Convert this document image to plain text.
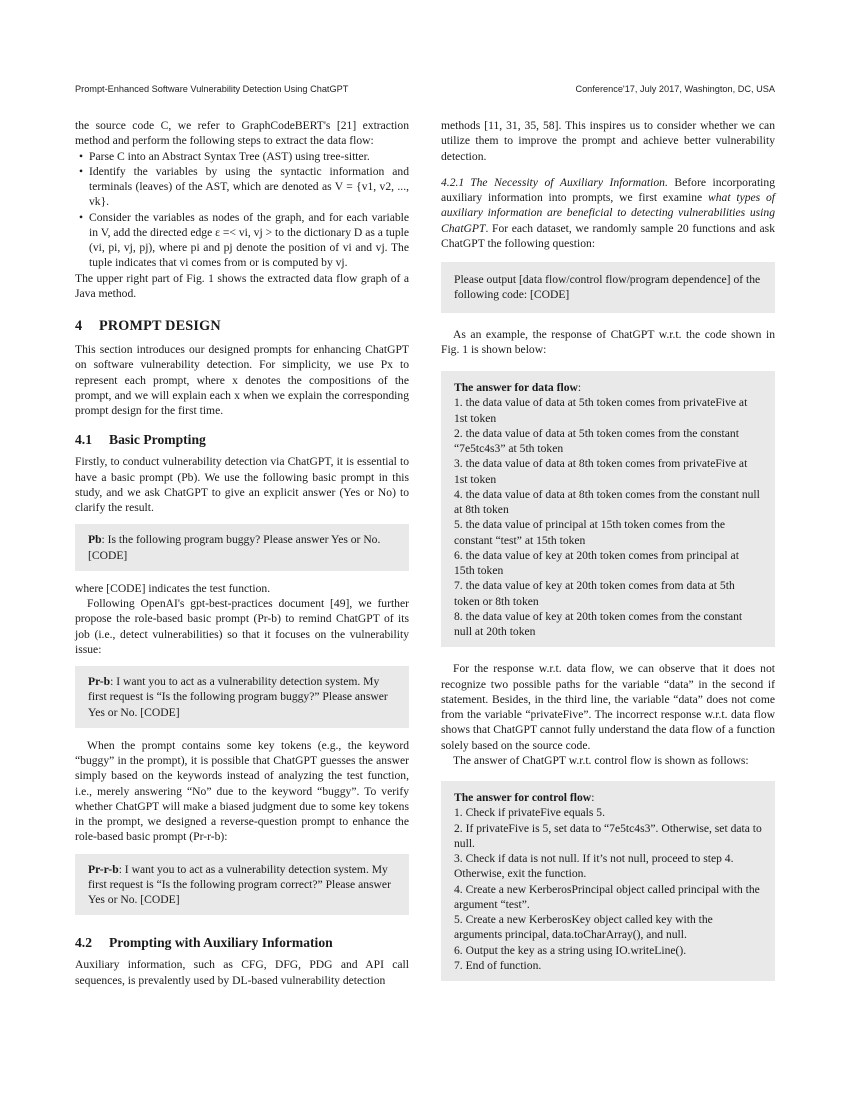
Prompt-Enhanced Software Vulnerability Detection Using ChatGPT	Conference'17, July 2017, Washington, DC, USA

the source code C, we refer to GraphCodeBERT's [21] extraction method and perform the following steps to extract the data flow:

• Parse C into an Abstract Syntax Tree (AST) using tree-sitter.
• Identify the variables by using the syntactic information and terminals (leaves) of the AST, which are denoted as V = {v1, v2, ..., vk}.
• Consider the variables as nodes of the graph, and for each variable in V, add the directed edge ε =< vi, vj > to the dictionary D as a tuple (vi, pi, vj, pj), where pi and pj denote the position of vi and vj. The tuple indicates that vi comes from or is computed by vj.

The upper right part of Fig. 1 shows the extracted data flow graph of a Java method.

4 PROMPT DESIGN

This section introduces our designed prompts for enhancing ChatGPT on software vulnerability detection. For simplicity, we use Px to represent each prompt, where x denotes the compositions of the prompt, and we will explain each x when we explain the corresponding prompt design for the first time.

4.1 Basic Prompting

Firstly, to conduct vulnerability detection via ChatGPT, it is essential to have a basic prompt (Pb). We use the following basic prompt in this study, and we ask ChatGPT to give an explicit answer (Yes or No) to clarify the result.

Pb: Is the following program buggy? Please answer Yes or No. [CODE]

where [CODE] indicates the test function.

Following OpenAI's gpt-best-practices document [49], we further propose the role-based basic prompt (Pr-b) to remind ChatGPT of its job (i.e., detect vulnerabilities) so that it focuses on the vulnerability issue:

Pr-b: I want you to act as a vulnerability detection system. My first request is “Is the following program buggy?” Please answer Yes or No. [CODE]

When the prompt contains some key tokens (e.g., the keyword “buggy” in the prompt), it is possible that ChatGPT guesses the answer simply based on the keywords instead of analyzing the test function, i.e., merely answering “No” due to the keyword “buggy”. To verify whether ChatGPT will make a biased judgment due to some key tokens in the prompt, we designed a reverse-question prompt to enhance the role-based basic prompt (Pr-r-b):

Pr-r-b: I want you to act as a vulnerability detection system. My first request is “Is the following program correct?” Please answer Yes or No. [CODE]

4.2 Prompting with Auxiliary Information

Auxiliary information, such as CFG, DFG, PDG and API call sequences, is prevalently used by DL-based vulnerability detection

methods [11, 31, 35, 58]. This inspires us to consider whether we can utilize them to improve the prompt and achieve better vulnerability detection.

4.2.1 The Necessity of Auxiliary Information. Before incorporating auxiliary information into prompts, we first examine what types of auxiliary information are beneficial to detecting vulnerabilities using ChatGPT. For each dataset, we randomly sample 20 functions and ask ChatGPT the following question:

Please output [data flow/control flow/program dependence] of the following code: [CODE]

As an example, the response of ChatGPT w.r.t. the code shown in Fig. 1 is shown below:

The answer for data flow:

1. the data value of data at 5th token comes from privateFive at 1st token

2. the data value of data at 5th token comes from the constant “7e5tc4s3” at 5th token

3. the data value of data at 8th token comes from privateFive at 1st token

4. the data value of data at 8th token comes from the constant null at 8th token

5. the data value of principal at 15th token comes from the constant “test” at 15th token

6. the data value of key at 20th token comes from principal at 15th token

7. the data value of key at 20th token comes from data at 5th token or 8th token

8. the data value of key at 20th token comes from the constant null at 20th token

For the response w.r.t. data flow, we can observe that it does not recognize two possible paths for the variable “data” in the second if statement. Besides, in the third line, the variable “data” does not come from the variable “privateFive”. The incorrect response w.r.t. data flow shows that ChatGPT cannot fully understand the data flow of a function solely based on the source code.

The answer of ChatGPT w.r.t. control flow is shown as follows:

The answer for control flow:

1. Check if privateFive equals 5.

2. If privateFive is 5, set data to “7e5tc4s3”. Otherwise, set data to null.

3. Check if data is not null. If it’s not null, proceed to step 4. Otherwise, exit the function.

4. Create a new KerberosPrincipal object called principal with the argument “test”.

5. Create a new KerberosKey object called key with the arguments principal, data.toCharArray(), and null.

6. Output the key as a string using IO.writeLine().

7. End of function.
